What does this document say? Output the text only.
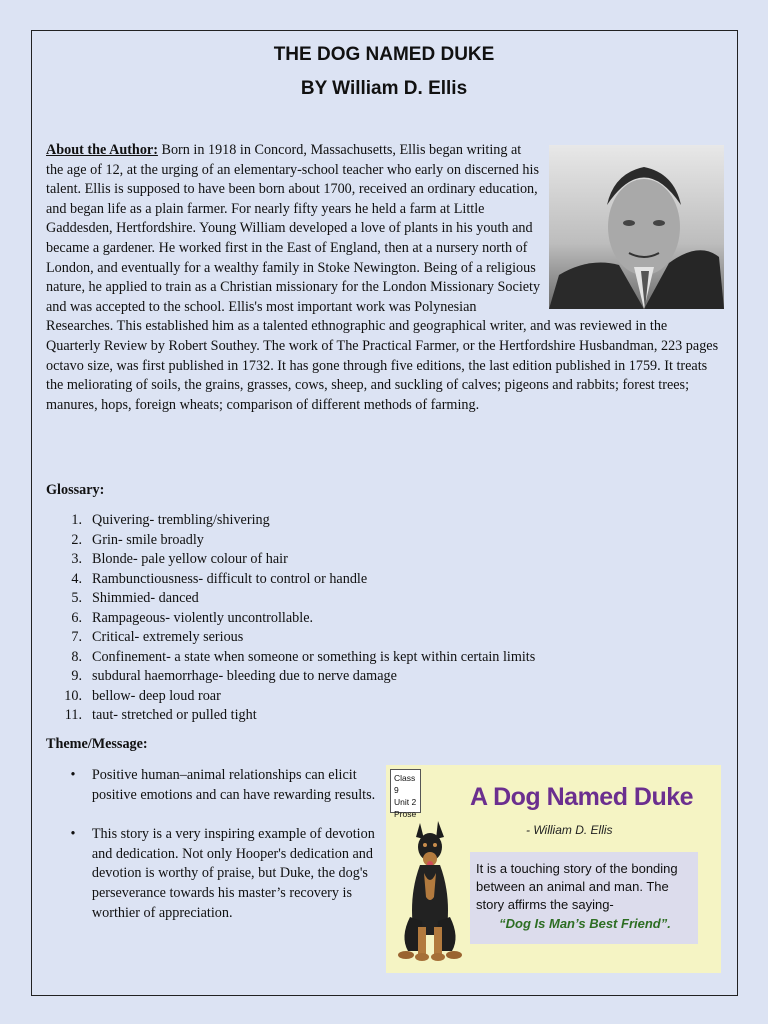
THE DOG NAMED DUKE
BY William D. Ellis
About the Author: Born in 1918 in Concord, Massachusetts, Ellis began writing at the age of 12, at the urging of an elementary-school teacher who early on discerned his talent. Ellis is supposed to have been born about 1700, received an ordinary education, and began life as a plain farmer. For nearly fifty years he held a farm at Little Gaddesden, Hertfordshire. Young William developed a love of plants in his youth and became a gardener. He worked first in the East of England, then at a nursery north of London, and eventually for a wealthy family in Stoke Newington. Being of a religious nature, he applied to train as a Christian missionary for the London Missionary Society and was accepted to the school. Ellis's most important work was Polynesian Researches. This established him as a talented ethnographic and geographical writer, and was reviewed in the Quarterly Review by Robert Southey. The work of The Practical Farmer, or the Hertfordshire Husbandman, 223 pages octavo size, was first published in 1732. It has gone through five editions, the last edition published in 1759. It treats the meliorating of soils, the grains, grasses, cows, sheep, and suckling of calves; pigeons and rabbits; forest trees; manures, hops, foreign wheats; comparison of different methods of farming.
Glossary:
1. Quivering- trembling/shivering
2. Grin- smile broadly
3. Blonde- pale yellow colour of hair
4. Rambunctiousness- difficult to control or handle
5. Shimmied- danced
6. Rampageous- violently uncontrollable.
7. Critical- extremely serious
8. Confinement- a state when someone or something is kept within certain limits
9. subdural haemorrhage- bleeding due to nerve damage
10. bellow- deep loud roar
11. taut- stretched or pulled tight
Theme/Message:
•	Positive human–animal relationships can elicit positive emotions and can have rewarding results.
•	This story is a very inspiring example of devotion and dedication. Not only Hooper's dedication and devotion is worthy of praise, but Duke, the dog's perseverance towards his master’s recovery is worthier of appreciation.
Class 9
Unit 2
Prose
A Dog Named Duke
- William D. Ellis
It is a touching story of the bonding between an animal and man. The story affirms the saying-
“Dog Is Man’s Best Friend”.
